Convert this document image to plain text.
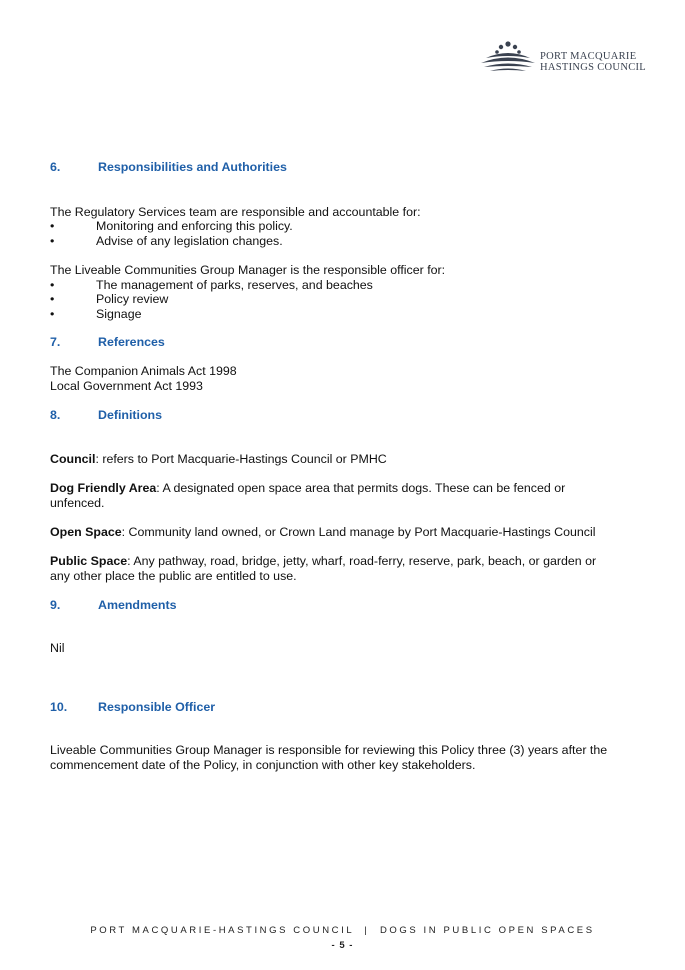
PORT MACQUARIE
HASTINGS COUNCIL
6.	Responsibilities and Authorities
The Regulatory Services team are responsible and accountable for:
•	Monitoring and enforcing this policy.
•	Advise of any legislation changes.
The Liveable Communities Group Manager is the responsible officer for:
•	The management of parks, reserves, and beaches
•	Policy review
•	Signage
7.	References
The Companion Animals Act 1998
Local Government Act 1993
8.	Definitions
Council: refers to Port Macquarie-Hastings Council or PMHC
Dog Friendly Area: A designated open space area that permits dogs. These can be fenced or
unfenced.
Open Space: Community land owned, or Crown Land manage by Port Macquarie-Hastings Council
Public Space: Any pathway, road, bridge, jetty, wharf, road-ferry, reserve, park, beach, or garden or
any other place the public are entitled to use.
9.	Amendments
Nil
10. Responsible Officer
Liveable Communities Group Manager is responsible for reviewing this Policy three (3) years after the
commencement date of the Policy, in conjunction with other key stakeholders.
PORT MACQUARIE-HASTINGS COUNCIL  |  DOGS IN PUBLIC OPEN SPACES
- 5 -
